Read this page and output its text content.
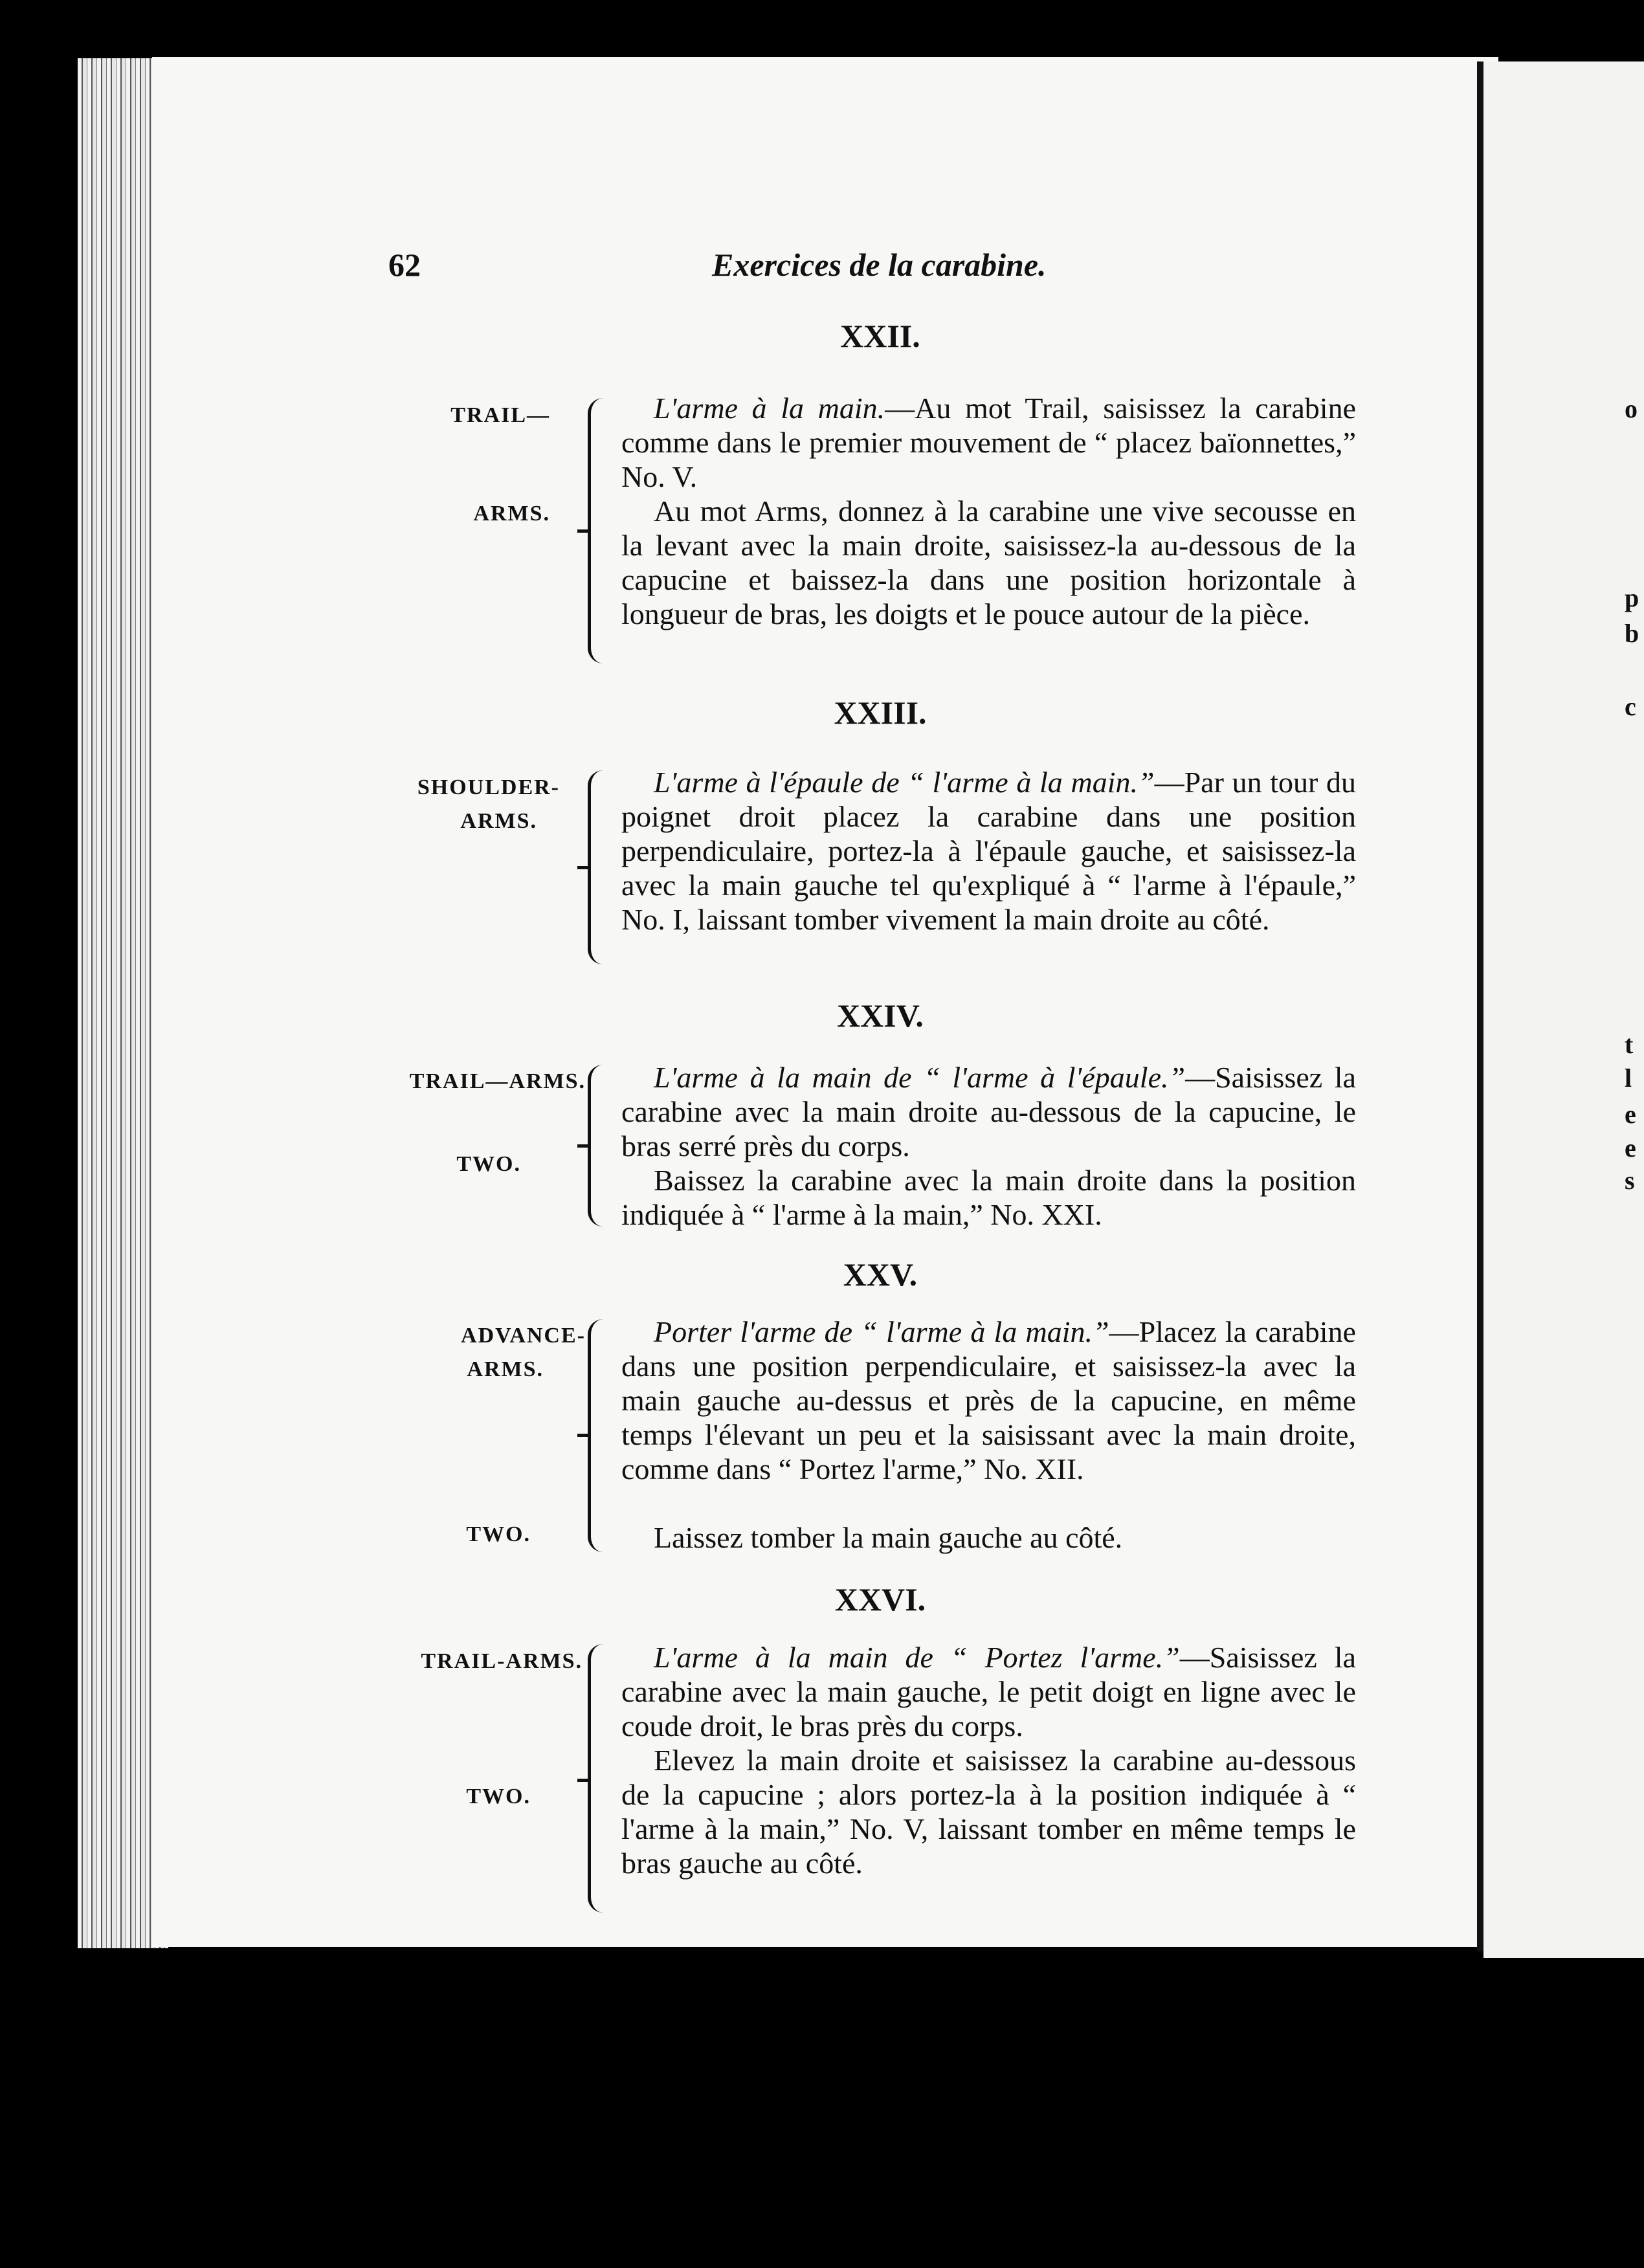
o
p
b
c
t
l
e
e
s
62	Exercices de la carabine.
XXII.
TRAIL—
ARMS.
L'arme à la main.—Au mot Trail, saisissez la carabine comme dans le premier mouvement de “ placez baïonnettes,” No. V.
Au mot Arms, donnez à la carabine une vive secousse en la levant avec la main droite, saisissez-la au-dessous de la capucine et baissez-la dans une position horizontale à longueur de bras, les doigts et le pouce autour de la pièce.
XXIII.
SHOULDER-
ARMS.
L'arme à l'épaule de “ l'arme à la main.”—Par un tour du poignet droit placez la carabine dans une position perpendiculaire, portez-la à l'épaule gauche, et saisissez-la avec la main gauche tel qu'expliqué à “ l'arme à l'épaule,” No. I, laissant tomber vivement la main droite au côté.
XXIV.
TRAIL—ARMS.
TWO.
L'arme à la main de “ l'arme à l'épaule.”—Saisissez la carabine avec la main droite au-dessous de la capucine, le bras serré près du corps.
Baissez la carabine avec la main droite dans la position indiquée à “ l'arme à la main,” No. XXI.
XXV.
ADVANCE-
ARMS.
TWO.
Porter l'arme de “ l'arme à la main.”—Placez la carabine dans une position perpendiculaire, et saisissez-la avec la main gauche au-dessus et près de la capucine, en même temps l'élevant un peu et la saisissant avec la main droite, comme dans “ Portez l'arme,” No. XII.
Laissez tomber la main gauche au côté.
XXVI.
TRAIL-ARMS.
TWO.
L'arme à la main de “ Portez l'arme.”—Saisissez la carabine avec la main gauche, le petit doigt en ligne avec le coude droit, le bras près du corps.
Elevez la main droite et saisissez la carabine au-dessous de la capucine ; alors portez-la à la position indiquée à “ l'arme à la main,” No. V, laissant tomber en même temps le bras gauche au côté.
